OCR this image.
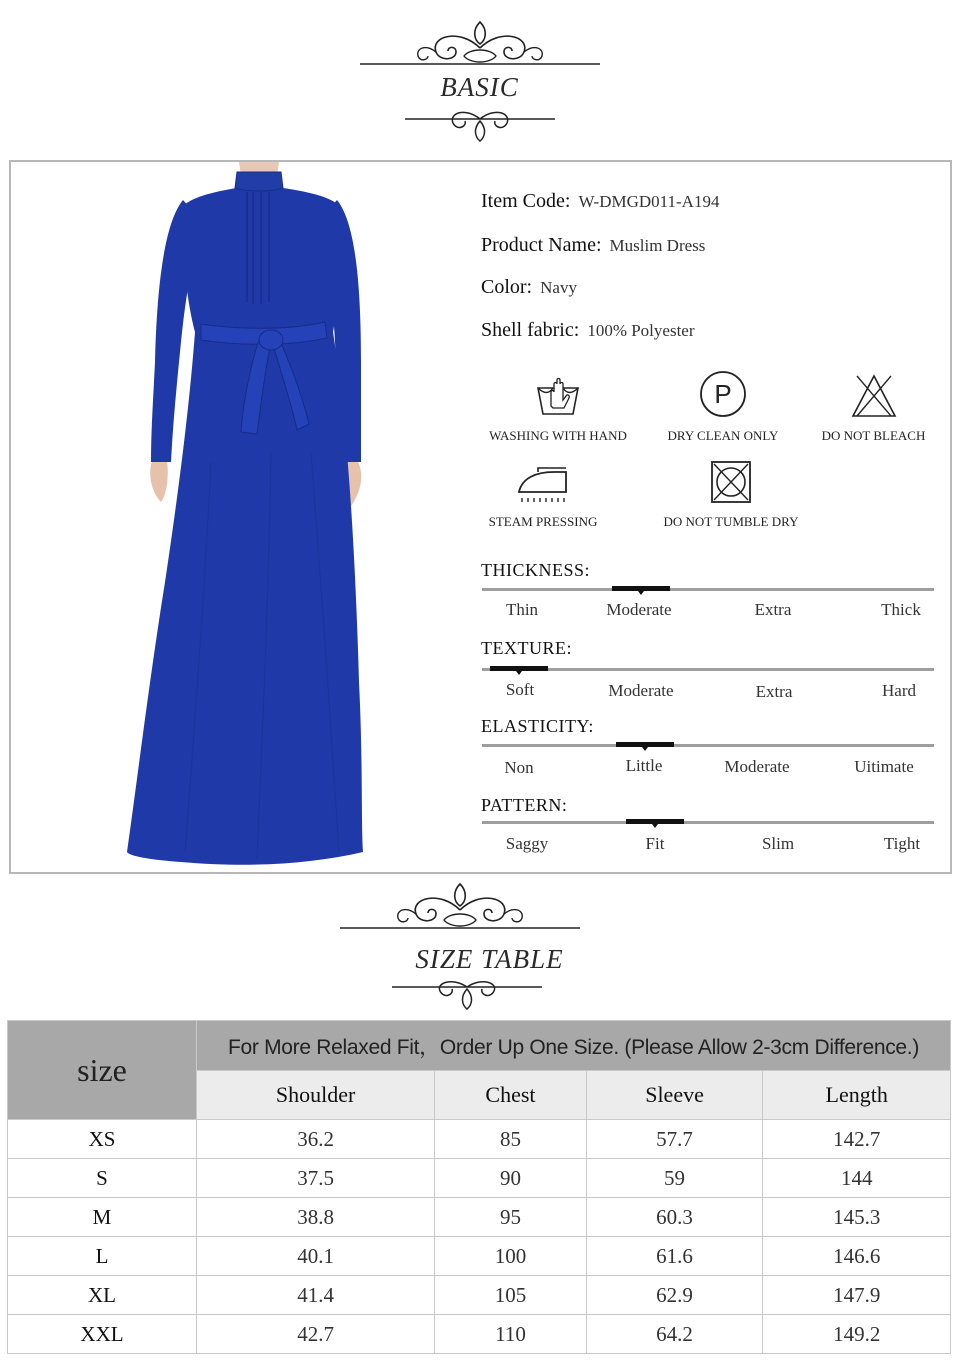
BASIC
Item Code: W-DMGD011-A194
Product Name: Muslim Dress
Color: Navy
Shell fabric: 100% Polyester
WASHING WITH HAND
P
DRY CLEAN ONLY	DO NOT BLEACH
STEAM PRESSING	DO NOT TUMBLE DRY
THICKNESS:
Thin	Moderate	Extra	Thick
TEXTURE:
Soft	Moderate	Extra	Hard
ELASTICITY:
Non	Little	Moderate	Uitimate
PATTERN:
Saggy	Fit	Slim	Tight
SIZE TABLE
size	For More Relaxed Fit，Order Up One Size. (Please Allow 2-3cm Difference.)			
	Shoulder	Chest	Sleeve	Length
XS	36.2	85	57.7	142.7
S	37.5	90	59	144
M	38.8	95	60.3	145.3
L	40.1	100	61.6	146.6
XL	41.4	105	62.9	147.9
XXL	42.7	110	64.2	149.2
